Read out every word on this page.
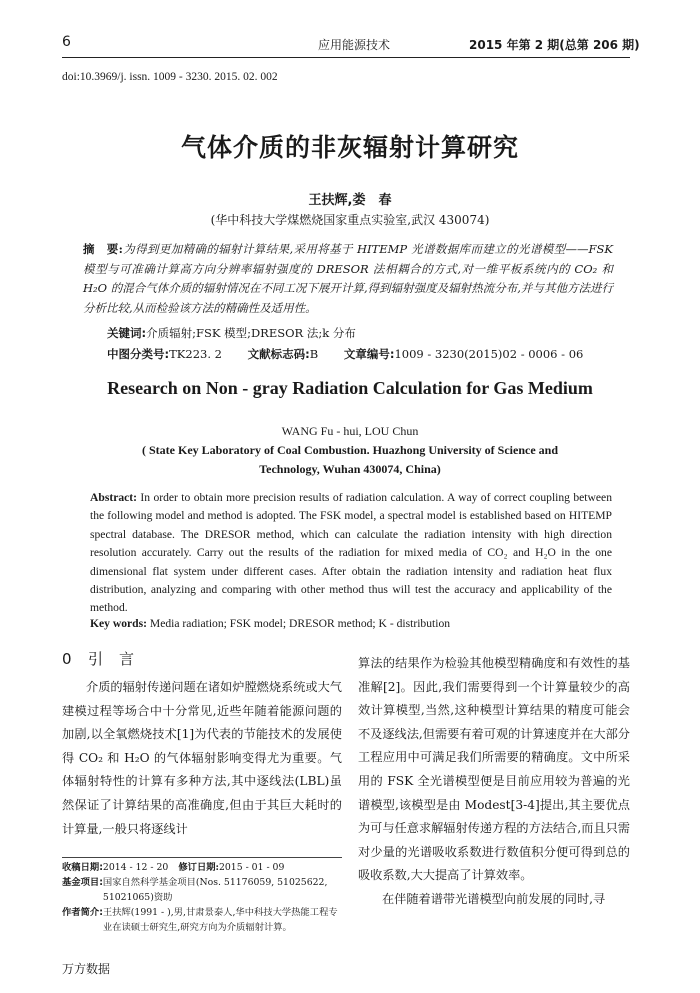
6	应用能源技术	2015 年第 2 期(总第 206 期)
doi:10.3969/j. issn. 1009 - 3230. 2015. 02. 002
气体介质的非灰辐射计算研究
王扶辉,娄　春
(华中科技大学煤燃烧国家重点实验室,武汉 430074)
摘　要:为得到更加精确的辐射计算结果,采用将基于 HITEMP 光谱数据库而建立的光谱模型——FSK 模型与可准确计算高方向分辨率辐射强度的 DRESOR 法相耦合的方式,对一维平板系统内的 CO₂ 和 H₂O 的混合气体介质的辐射情况在不同工况下展开计算,得到辐射强度及辐射热流分布,并与其他方法进行分析比较,从而检验该方法的精确性及适用性。
关键词:介质辐射;FSK 模型;DRESOR 法;k 分布
中图分类号:TK223. 2 文献标志码:B 文章编号:1009 - 3230(2015)02 - 0006 - 06
Research on Non - gray Radiation Calculation for Gas Medium
WANG Fu - hui, LOU Chun
( State Key Laboratory of Coal Combustion. Huazhong University of Science and
Technology, Wuhan 430074, China)
Abstract: In order to obtain more precision results of radiation calculation. A way of correct coupling between the following model and method is adopted. The FSK model, a spectral model is established based on HITEMP spectral database. The DRESOR method, which can calculate the radiation intensity with high direction resolution accurately. Carry out the results of the radiation for mixed media of CO₂ and H₂O in the one dimensional flat system under different cases. After obtain the radiation intensity and radiation heat flux distribution, analyzing and comparing with other method thus will test the accuracy and applicability of the method.
Key words: Media radiation; FSK model; DRESOR method; K - distribution
0 引言

介质的辐射传递问题在诸如炉膛燃烧系统或大气建模过程等场合中十分常见,近些年随着能源问题的加剧,以全氧燃烧技术[1]为代表的节能技术的发展使得 CO₂ 和 H₂O 的气体辐射影响变得尤为重要。气体辐射特性的计算有多种方法,其中逐线法(LBL)虽然保证了计算结果的高准确度,但由于其巨大耗时的计算量,一般只将逐线计

算法的结果作为检验其他模型精确度和有效性的基准解[2]。因此,我们需要得到一个计算量较少的高效计算模型,当然,这种模型计算结果的精度可能会不及逐线法,但需要有着可观的计算速度并在大部分工程应用中可满足我们所需要的精确度。文中所采用的 FSK 全光谱模型便是目前应用较为普遍的光谱模型,该模型是由 Modest[3-4]提出,其主要优点为可与任意求解辐射传递方程的方法结合,而且只需对少量的光谱吸收系数进行数值积分便可得到总的吸收系数,大大提高了计算效率。

在伴随着谱带光谱模型向前发展的同时,寻

收稿日期: 2014 - 12 - 20 修订日期:2015 - 01 - 09
基金项目: 国家自然科学基金项目(Nos. 51176059, 51025622, 51021065)资助
作者简介: 王扶辉(1991 - ),男,甘肃景泰人,华中科技大学热能工程专业在读硕士研究生,研究方向为介质辐射计算。
万方数据
